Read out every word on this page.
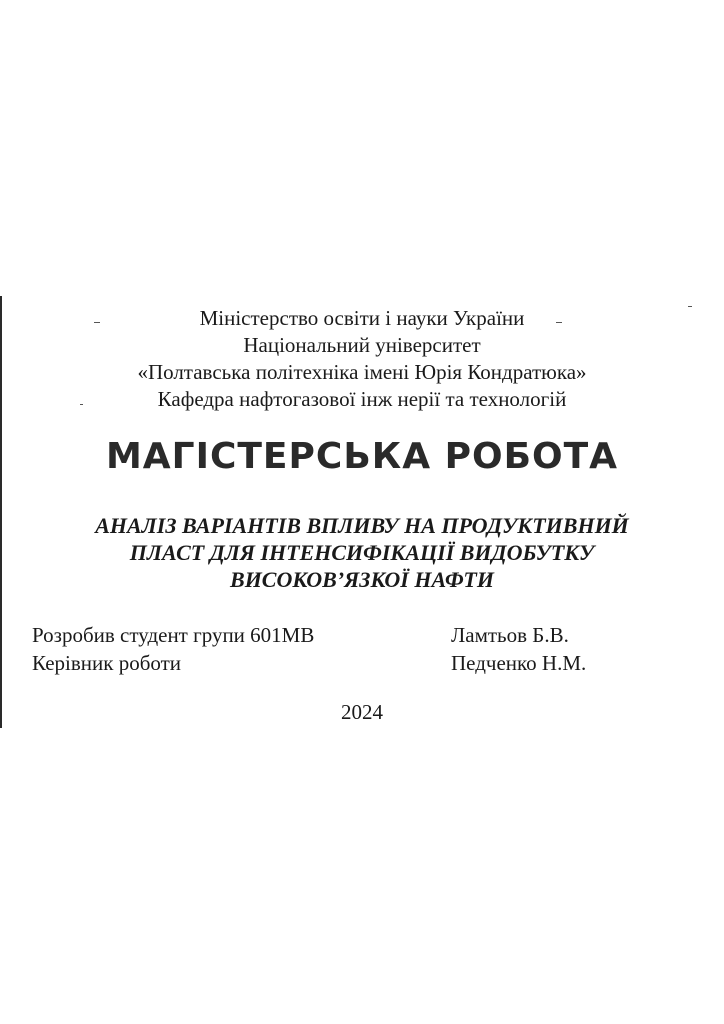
Міністерство освіти і науки України
Національний університет
«Полтавська політехніка імені Юрія Кондратюка»
Кафедра нафтогазової інж нерії та технологій
МАГІСТЕРСЬКА РОБОТА
АНАЛІЗ ВАРІАНТІВ ВПЛИВУ НА ПРОДУКТИВНИЙ
ПЛАСТ ДЛЯ ІНТЕНСИФІКАЦІЇ ВИДОБУТКУ
ВИСОКОВ’ЯЗКОЇ НАФТИ
Розробив студент групи 601МВ	Ламтьов Б.В.
Керівник роботи	Педченко Н.М.
2024
